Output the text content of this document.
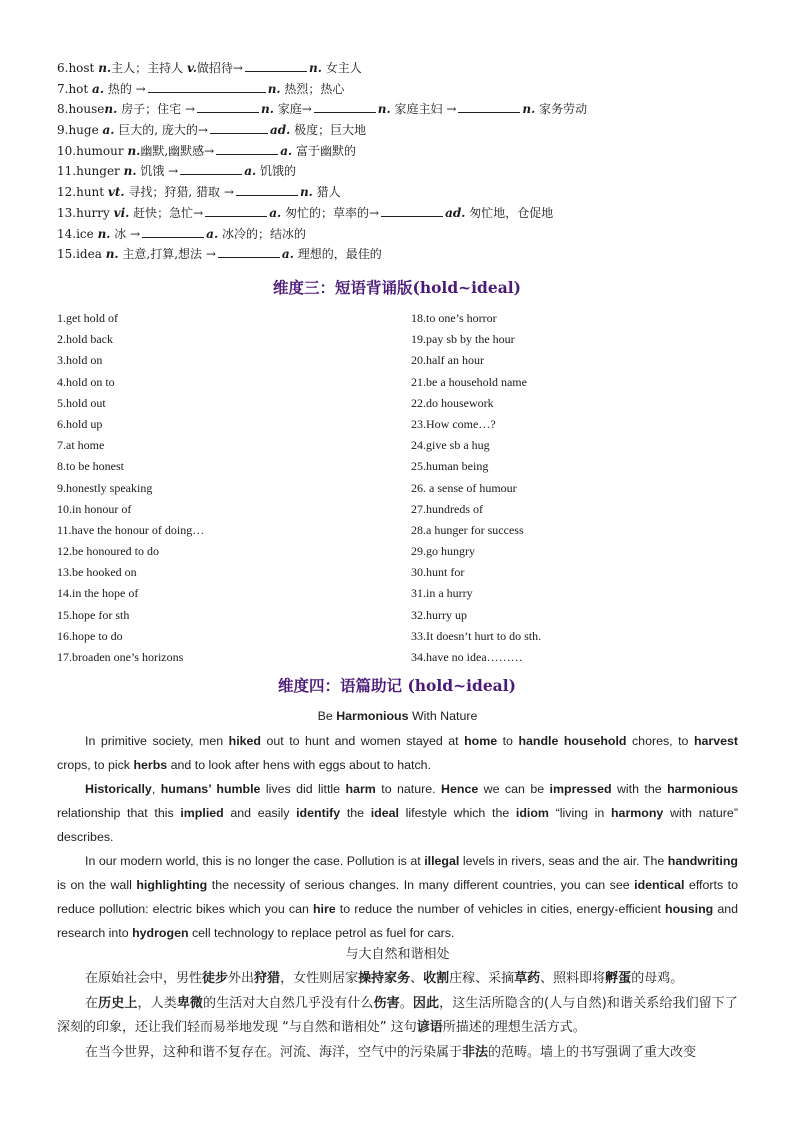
6.host n.主人；主持人 v.做招待→	n. 女主人
7.hot a. 热的 →	n. 热烈；热心
8.housen. 房子；住宅 →	n. 家庭→	n. 家庭主妇 →	n. 家务劳动
9.huge a. 巨大的, 庞大的→	ad. 极度；巨大地
10.humour n.幽默,幽默感→	a. 富于幽默的
11.hunger n. 饥饿 →	a. 饥饿的
12.hunt vt. 寻找；狩猎, 猎取 →	n. 猎人
13.hurry vi. 赶快；急忙→	a. 匆忙的；草率的→	ad. 匆忙地，仓促地
14.ice n. 冰 →	a. 冰冷的；结冰的
15.idea n. 主意,打算,想法 →	a. 理想的，最佳的
维度三：短语背诵版(hold~ideal)
1.get hold of
2.hold back
3.hold on
4.hold on to
5.hold out
6.hold up
7.at home
8.to be honest
9.honestly speaking
10.in honour of
11.have the honour of doing…
12.be honoured to do
13.be hooked on
14.in the hope of
15.hope for sth
16.hope to do
17.broaden one’s horizons
18.to one’s horror
19.pay sb by the hour
20.half an hour
21.be a household name
22.do housework
23.How come…?
24.give sb a hug
25.human being
26. a sense of humour
27.hundreds of
28.a hunger for success
29.go hungry
30.hunt for
31.in a hurry
32.hurry up
33.It doesn’t hurt to do sth.
34.have no idea………
维度四：语篇助记 (hold~ideal)
Be Harmonious With Nature

In primitive society, men hiked out to hunt and women stayed at home to handle household chores, to harvest crops, to pick herbs and to look after hens with eggs about to hatch.

Historically, humans’ humble lives did little harm to nature. Hence we can be impressed with the harmonious relationship that this implied and easily identify the ideal lifestyle which the idiom “living in harmony with nature” describes.

In our modern world, this is no longer the case. Pollution is at illegal levels in rivers, seas and the air. The handwriting is on the wall highlighting the necessity of serious changes. In many different countries, you can see identical efforts to reduce pollution: electric bikes which you can hire to reduce the number of vehicles in cities, energy-efficient housing and research into hydrogen cell technology to replace petrol as fuel for cars.

与大自然和谐相处

在原始社会中，男性徒步外出狩猎，女性则居家操持家务、收割庄稼、采摘草药、照料即将孵蛋的母鸡。

在历史上，人类卑微的生活对大自然几乎没有什么伤害。因此，这生活所隐含的(人与自然)和谐关系给我们留下了深刻的印象，还让我们轻而易举地发现 “与自然和谐相处” 这句谚语所描述的理想生活方式。

在当今世界，这种和谐不复存在。河流、海洋，空气中的污染属于非法的范畴。墙上的书写强调了重大改变
